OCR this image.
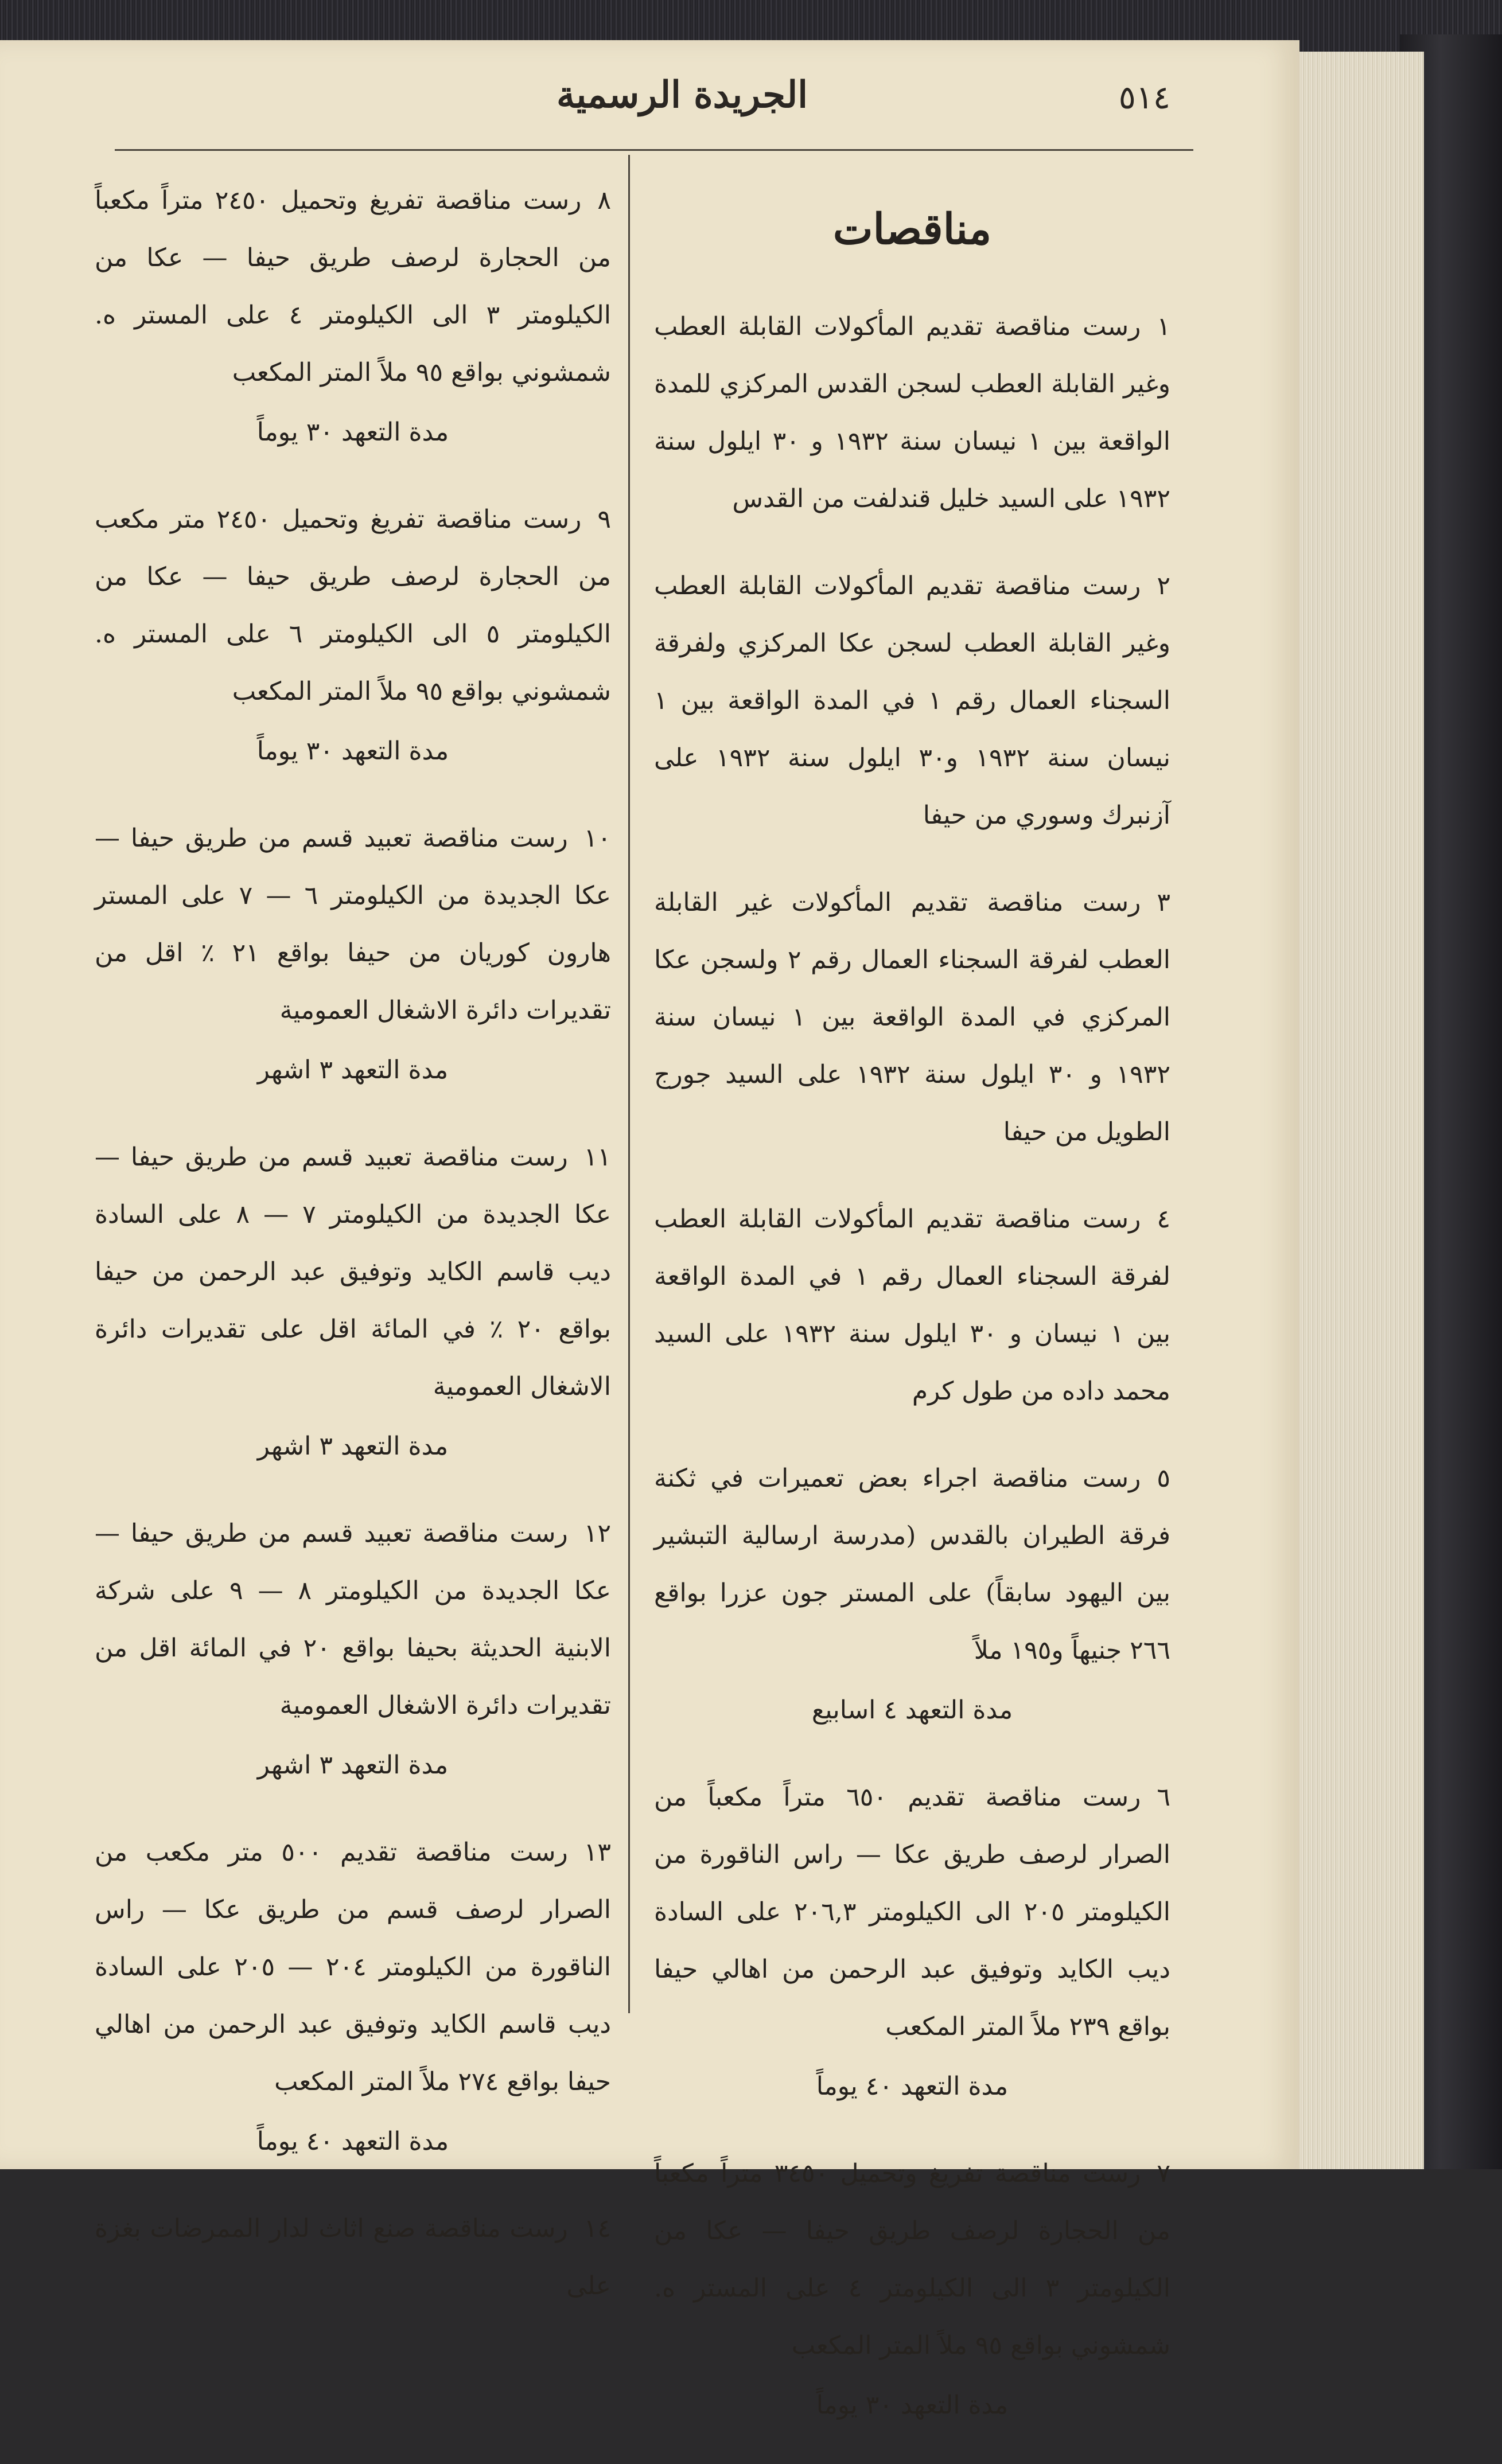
٥١٤
الجريدة الرسمية
مناقصات

١رست مناقصة تقديم المأكولات القابلة العطب وغير القابلة العطب لسجن القدس المركزي للمدة الواقعة بين ١ نيسان سنة ١٩٣٢ و ٣٠ ايلول سنة ١٩٣٢ على السيد خليل قندلفت من القدس

٢رست مناقصة تقديم المأكولات القابلة العطب وغير القابلة العطب لسجن عكا المركزي ولفرقة السجناء العمال رقم ١ في المدة الواقعة بين ١ نيسان سنة ١٩٣٢ و٣٠ ايلول سنة ١٩٣٢ على آزنبرك وسوري من حيفا

٣رست مناقصة تقديم المأكولات غير القابلة العطب لفرقة السجناء العمال رقم ٢ ولسجن عكا المركزي في المدة الواقعة بين ١ نيسان سنة ١٩٣٢ و ٣٠ ايلول سنة ١٩٣٢ على السيد جورج الطويل من حيفا

٤رست مناقصة تقديم المأكولات القابلة العطب لفرقة السجناء العمال رقم ١ في المدة الواقعة بين ١ نيسان و ٣٠ ايلول سنة ١٩٣٢ على السيد محمد داده من طول كرم

٥رست مناقصة اجراء بعض تعميرات في ثكنة فرقة الطيران بالقدس (مدرسة ارسالية التبشير بين اليهود سابقاً) على المستر جون عزرا بواقع ٢٦٦ جنيهاً و١٩٥ ملاً

مدة التعهد ٤ اسابيع

٦رست مناقصة تقديم ٦٥٠ متراً مكعباً من الصرار لرصف طريق عكا — راس الناقورة من الكيلومتر ٢٠٥ الى الكيلومتر ٢٠٦,٣ على السادة ديب الكايد وتوفيق عبد الرحمن من اهالي حيفا بواقع ٢٣٩ ملاً المتر المكعب

مدة التعهد ٤٠ يوماً

٧رست مناقصة تفريغ وتحميل ٣٤٥٠ متراً مكعباً من الحجارة لرصف طريق حيفا — عكا من الكيلومتر ٣ الى الكيلومتر ٤ على المستر ه. شمشوني بواقع ٩٥ ملاً المتر المكعب

مدة التعهد ٣٠ يوماً

٨رست مناقصة تفريغ وتحميل ٢٤٥٠ متراً مكعباً من الحجارة لرصف طريق حيفا — عكا من الكيلومتر ٣ الى الكيلومتر ٤ على المستر ه. شمشوني بواقع ٩٥ ملاً المتر المكعب

مدة التعهد ٣٠ يوماً

٩رست مناقصة تفريغ وتحميل ٢٤٥٠ متر مكعب من الحجارة لرصف طريق حيفا — عكا من الكيلومتر ٥ الى الكيلومتر ٦ على المستر ه. شمشوني بواقع ٩٥ ملاً المتر المكعب

مدة التعهد ٣٠ يوماً

١٠رست مناقصة تعبيد قسم من طريق حيفا — عكا الجديدة من الكيلومتر ٦ — ٧ على المستر هارون كوريان من حيفا بواقع ٢١ ٪ اقل من تقديرات دائرة الاشغال العمومية

مدة التعهد ٣ اشهر

١١رست مناقصة تعبيد قسم من طريق حيفا — عكا الجديدة من الكيلومتر ٧ — ٨ على السادة ديب قاسم الكايد وتوفيق عبد الرحمن من حيفا بواقع ٢٠ ٪ في المائة اقل على تقديرات دائرة الاشغال العمومية

مدة التعهد ٣ اشهر

١٢رست مناقصة تعبيد قسم من طريق حيفا — عكا الجديدة من الكيلومتر ٨ — ٩ على شركة الابنية الحديثة بحيفا بواقع ٢٠ في المائة اقل من تقديرات دائرة الاشغال العمومية

مدة التعهد ٣ اشهر

١٣رست مناقصة تقديم ٥٠٠ متر مكعب من الصرار لرصف قسم من طريق عكا — راس الناقورة من الكيلومتر ٢٠٤ — ٢٠٥ على السادة ديب قاسم الكايد وتوفيق عبد الرحمن من اهالي حيفا بواقع ٢٧٤ ملاً المتر المكعب

مدة التعهد ٤٠ يوماً

١٤رست مناقصة صنع اثاث لدار الممرضات بغزة على
